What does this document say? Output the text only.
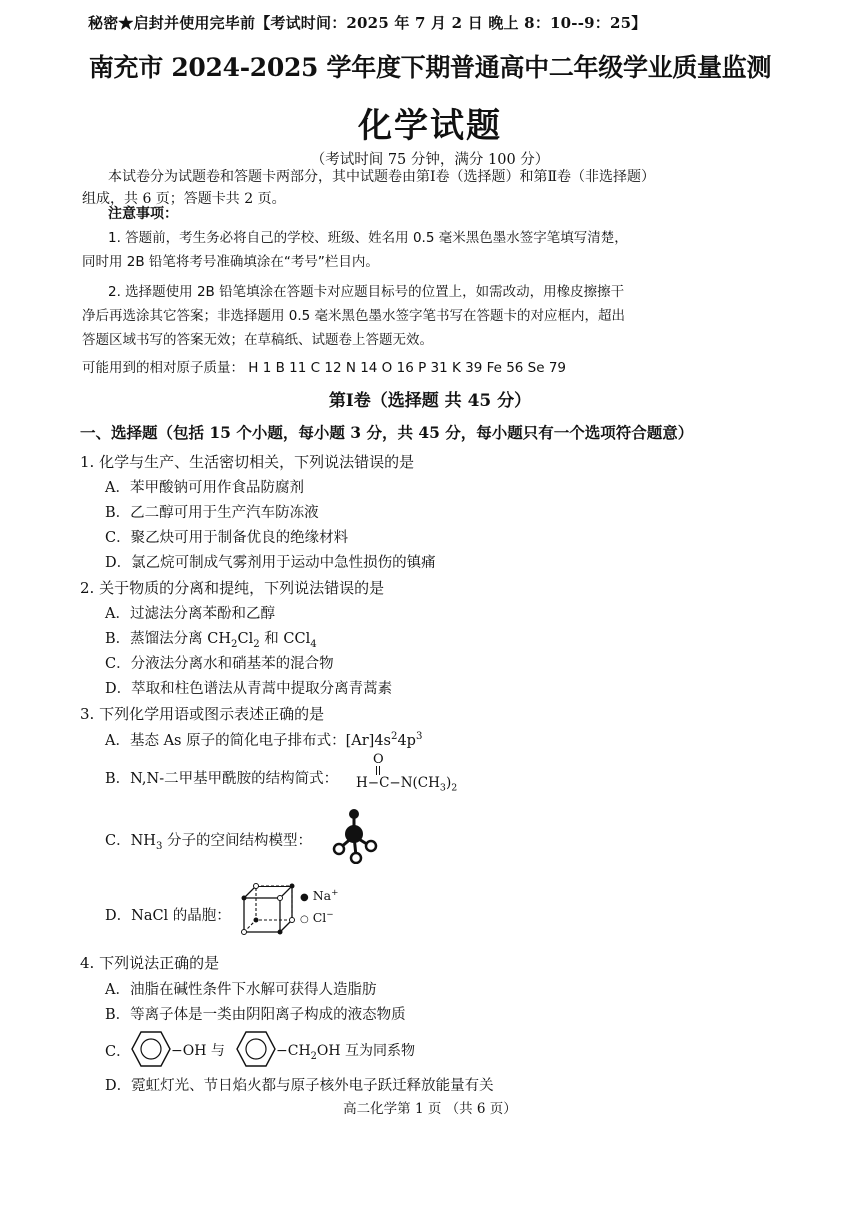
秘密★启封并使用完毕前【考试时间：2025 年 7 月 2 日 晚上 8：10--9：25】
南充市 2024-2025 学年度下期普通高中二年级学业质量监测
化学试题
（考试时间 75 分钟，满分 100 分）
本试卷分为试题卷和答题卡两部分，其中试题卷由第Ⅰ卷（选择题）和第Ⅱ卷（非选择题）
组成，共 6 页；答题卡共 2 页。
注意事项：
1. 答题前，考生务必将自己的学校、班级、姓名用 0.5 毫米黑色墨水签字笔填写清楚，
同时用 2B 铅笔将考号准确填涂在“考号”栏目内。
2. 选择题使用 2B 铅笔填涂在答题卡对应题目标号的位置上，如需改动，用橡皮擦擦干
净后再选涂其它答案；非选择题用 0.5 毫米黑色墨水签字笔书写在答题卡的对应框内，超出
答题区域书写的答案无效；在草稿纸、试题卷上答题无效。
可能用到的相对原子质量： H 1 B 11 C 12 N 14 O 16 P 31 K 39 Fe 56 Se 79
第Ⅰ卷（选择题 共 45 分）
一、选择题（包括 15 个小题，每小题 3 分，共 45 分，每小题只有一个选项符合题意）
1. 化学与生产、生活密切相关，下列说法错误的是
A．苯甲酸钠可用作食品防腐剂
B．乙二醇可用于生产汽车防冻液
C．聚乙炔可用于制备优良的绝缘材料
D．氯乙烷可制成气雾剂用于运动中急性损伤的镇痛
2. 关于物质的分离和提纯，下列说法错误的是
A．过滤法分离苯酚和乙醇
B．蒸馏法分离 $CH_2Cl_2$ 和 CCl$_4$
C．分液法分离水和硝基苯的混合物
D．萃取和柱色谱法从青蒿中提取分离青蒿素
3. 下列化学用语或图示表述正确的是
A．基态 As 原子的简化电子排布式：$[Ar]4s^24p^3$
B．N,N-二甲基甲酰胺的结构简式：
O
$H-C-N(CH_3)_2$
C．$NH_3$ 分子的空间结构模型：
D．NaCl 的晶胞：
● Na+
○ Cl−
4. 下列说法正确的是
A．油脂在碱性条件下水解可获得人造脂肪
B．等离子体是一类由阴阳离子构成的液态物质
C．	−OH 与	$-CH_2OH$ 互为同系物
D．霓虹灯光、节日焰火都与原子核外电子跃迁释放能量有关
高二化学第 1 页 （共 6 页）
